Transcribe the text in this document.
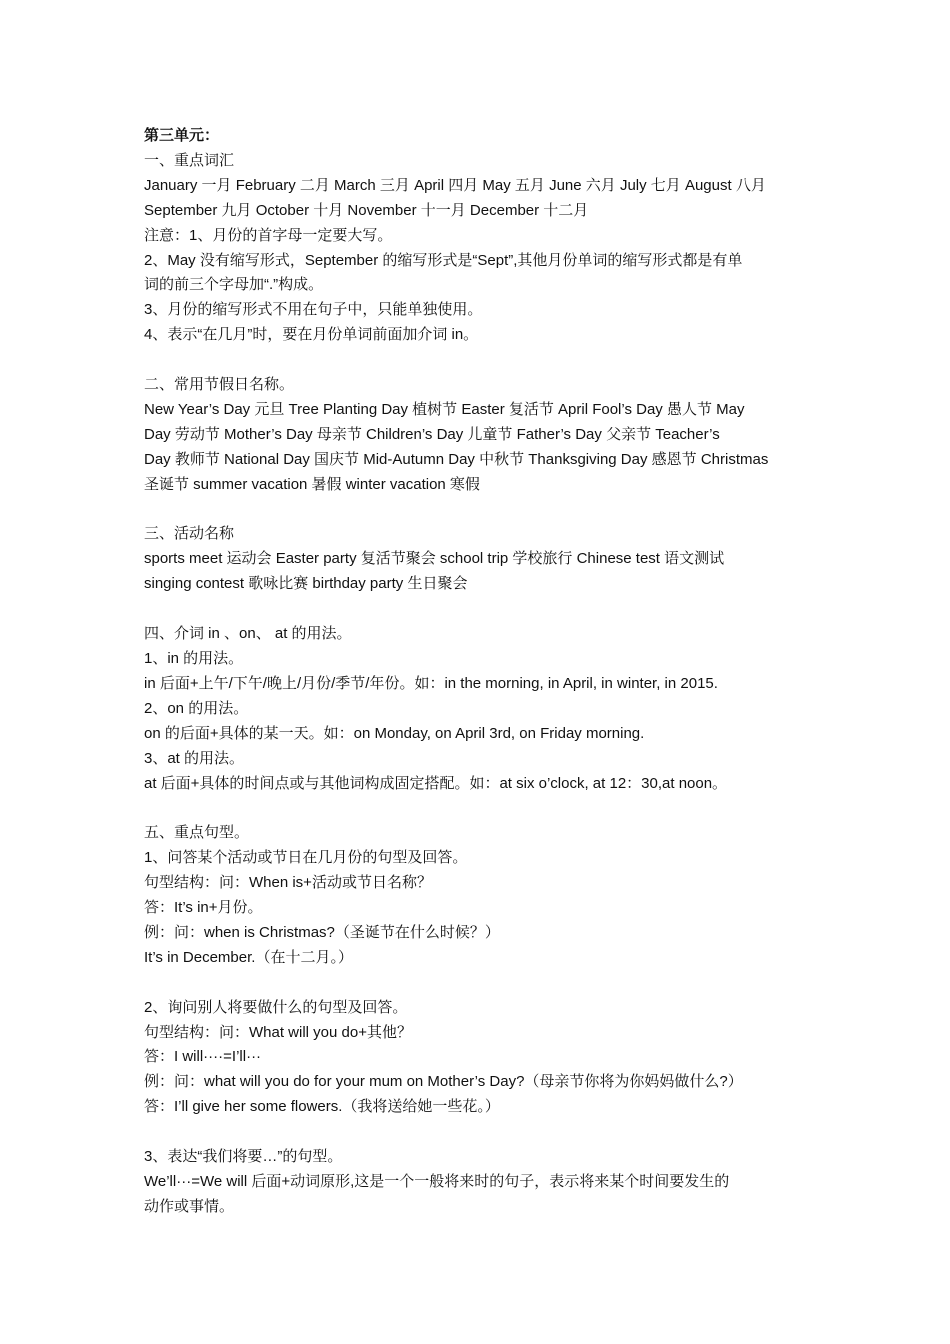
第三单元：
一、重点词汇
January 一月 February 二月 March 三月 April 四月 May 五月 June 六月 July 七月 August 八月
September 九月 October 十月 November 十一月 December 十二月
注意：1、月份的首字母一定要大写。
2、May 没有缩写形式，September 的缩写形式是“Sept”,其他月份单词的缩写形式都是有单
词的前三个字母加“.”构成。
3、月份的缩写形式不用在句子中，只能单独使用。
4、表示“在几月”时，要在月份单词前面加介词 in。
二、常用节假日名称。
New Year’s Day 元旦 Tree Planting Day 植树节 Easter 复活节 April Fool’s Day 愚人节 May
Day 劳动节 Mother’s Day 母亲节 Children’s Day 儿童节 Father’s Day 父亲节 Teacher’s
Day 教师节 National Day 国庆节 Mid-Autumn Day 中秋节 Thanksgiving Day 感恩节 Christmas
圣诞节 summer vacation 暑假 winter vacation 寒假
三、活动名称
sports meet 运动会 Easter party 复活节聚会 school trip 学校旅行 Chinese test 语文测试
singing contest 歌咏比赛 birthday party 生日聚会
四、介词 in 、on、 at 的用法。
1、in 的用法。
in 后面+上午/下午/晚上/月份/季节/年份。如：in the morning, in April, in winter, in 2015.
2、on 的用法。
on 的后面+具体的某一天。如：on Monday, on April 3rd, on Friday morning.
3、at 的用法。
at 后面+具体的时间点或与其他词构成固定搭配。如：at six o’clock, at 12：30,at noon。
五、重点句型。
1、问答某个活动或节日在几月份的句型及回答。
句型结构：问：When is+活动或节日名称？
答：It’s in+月份。
例：问：when is Christmas?（圣诞节在什么时候？）
It’s in December.（在十二月。）
2、询问别人将要做什么的句型及回答。
句型结构：问：What will you do+其他？
答：I will····=I’ll···
例：问：what will you do for your mum on Mother’s Day?（母亲节你将为你妈妈做什么?）
答：I’ll give her some flowers.（我将送给她一些花。）
3、表达“我们将要…”的句型。
We’ll···=We will 后面+动词原形,这是一个一般将来时的句子，表示将来某个时间要发生的
动作或事情。
